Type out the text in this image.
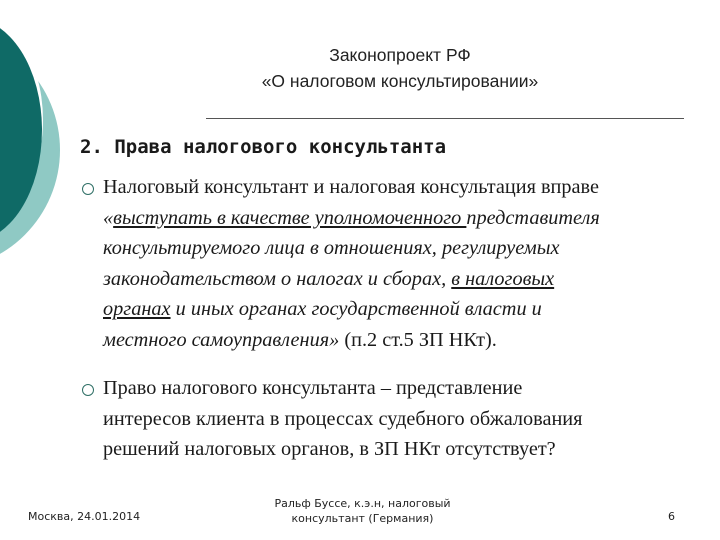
Законопроект РФ
«О налоговом консультировании»
2. Права налогового консультанта
Налоговый консультант и налоговая консультация вправе
«выступать в качестве уполномоченного представителя
консультируемого лица в отношениях, регулируемых
законодательством о налогах и сборах, в налоговых
органах и иных органах государственной власти и
местного самоуправления» (п.2 ст.5 ЗП НКт).
Право налогового консультанта – представление
интересов клиента в процессах судебного обжалования
решений налоговых органов, в ЗП НКт отсутствует?
Москва, 24.01.2014
Ральф Буссе, к.э.н, налоговый
консультант (Германия)	6
